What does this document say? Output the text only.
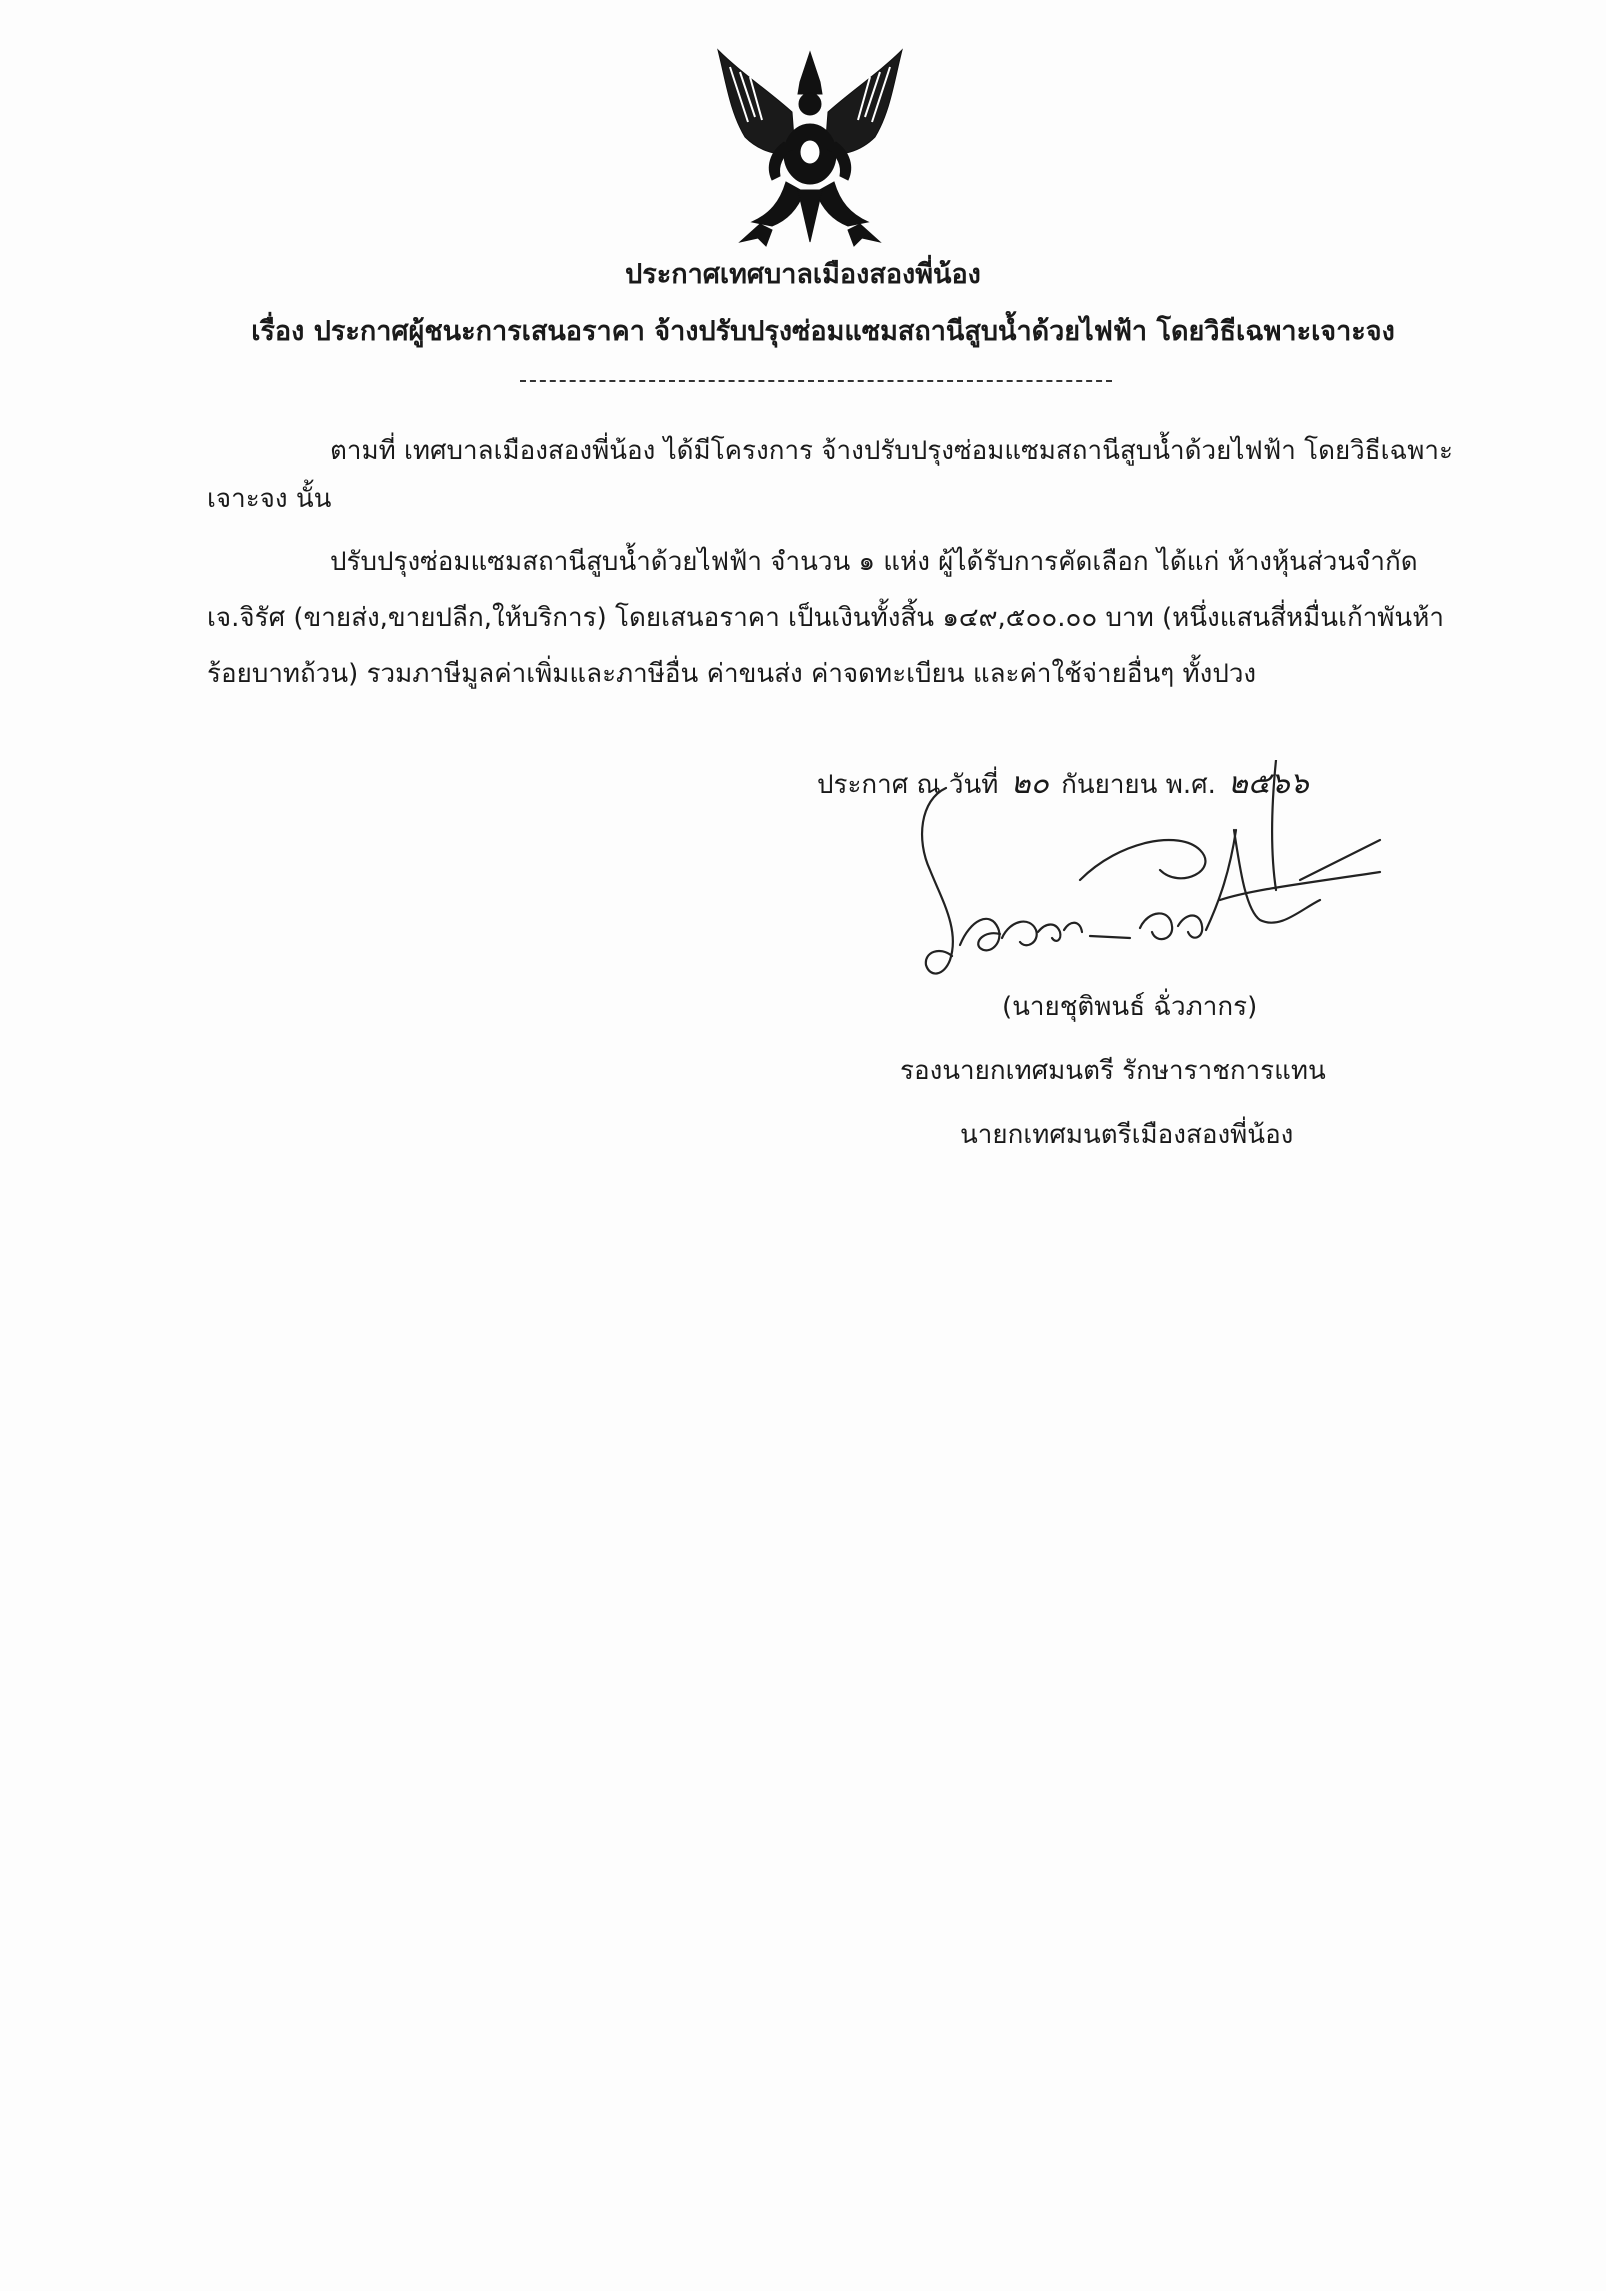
ประกาศเทศบาลเมืองสองพี่น้อง
เรื่อง ประกาศผู้ชนะการเสนอราคา จ้างปรับปรุงซ่อมแซมสถานีสูบน้ำด้วยไฟฟ้า โดยวิธีเฉพาะเจาะจง
ตามที่ เทศบาลเมืองสองพี่น้อง ได้มีโครงการ จ้างปรับปรุงซ่อมแซมสถานีสูบน้ำด้วยไฟฟ้า โดยวิธีเฉพาะ
เจาะจง นั้น
ปรับปรุงซ่อมแซมสถานีสูบน้ำด้วยไฟฟ้า จำนวน ๑ แห่ง ผู้ได้รับการคัดเลือก ได้แก่ ห้างหุ้นส่วนจำกัด
เจ.จิรัศ (ขายส่ง,ขายปลีก,ให้บริการ) โดยเสนอราคา เป็นเงินทั้งสิ้น ๑๔๙,๕๐๐.๐๐ บาท (หนึ่งแสนสี่หมื่นเก้าพันห้า
ร้อยบาทถ้วน) รวมภาษีมูลค่าเพิ่มและภาษีอื่น ค่าขนส่ง ค่าจดทะเบียน และค่าใช้จ่ายอื่นๆ ทั้งปวง
ประกาศ ณ วันที่ ๒๐ กันยายน พ.ศ. ๒๕๖๖
(นายชุติพนธ์ ฉั่วภากร)
รองนายกเทศมนตรี รักษาราชการแทน
นายกเทศมนตรีเมืองสองพี่น้อง
